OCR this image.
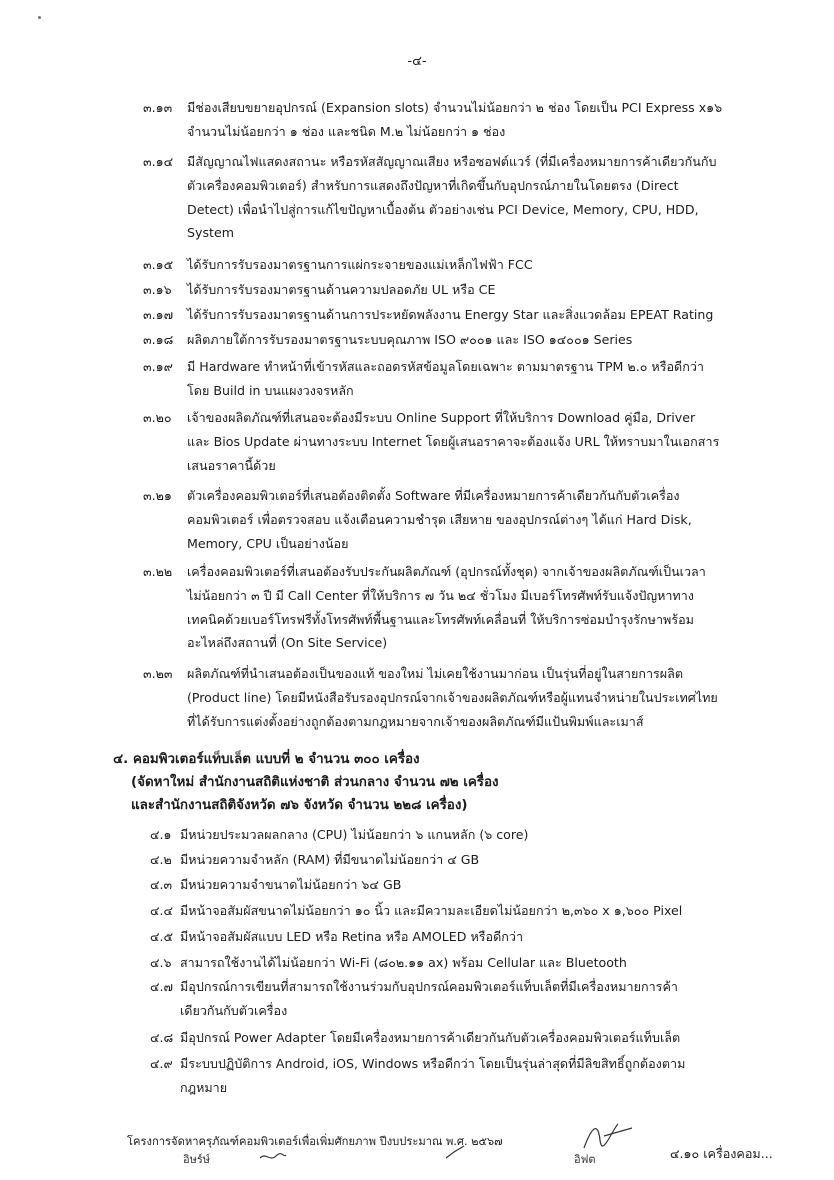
-๔-
๓.๑๓ มีช่องเสียบขยายอุปกรณ์ (Expansion slots) จำนวนไม่น้อยกว่า ๒ ช่อง โดยเป็น PCI Express x๑๖
จำนวนไม่น้อยกว่า ๑ ช่อง และชนิด M.๒ ไม่น้อยกว่า ๑ ช่อง
๓.๑๔ มีสัญญาณไฟแสดงสถานะ หรือรหัสสัญญาณเสียง หรือซอฟต์แวร์ (ที่มีเครื่องหมายการค้าเดียวกันกับ
ตัวเครื่องคอมพิวเตอร์) สำหรับการแสดงถึงปัญหาที่เกิดขึ้นกับอุปกรณ์ภายในโดยตรง (Direct
Detect) เพื่อนำไปสู่การแก้ไขปัญหาเบื้องต้น ตัวอย่างเช่น PCI Device, Memory, CPU, HDD,
System
๓.๑๕ ได้รับการรับรองมาตรฐานการแผ่กระจายของแม่เหล็กไฟฟ้า FCC
๓.๑๖ ได้รับการรับรองมาตรฐานด้านความปลอดภัย UL หรือ CE
๓.๑๗ ได้รับการรับรองมาตรฐานด้านการประหยัดพลังงาน Energy Star และสิ่งแวดล้อม EPEAT Rating
๓.๑๘ ผลิตภายใต้การรับรองมาตรฐานระบบคุณภาพ ISO ๙๐๐๑ และ ISO ๑๔๐๐๑ Series
๓.๑๙ มี Hardware ทำหน้าที่เข้ารหัสและถอดรหัสข้อมูลโดยเฉพาะ ตามมาตรฐาน TPM ๒.๐ หรือดีกว่า
โดย Build in บนแผงวงจรหลัก
๓.๒๐ เจ้าของผลิตภัณฑ์ที่เสนอจะต้องมีระบบ Online Support ที่ให้บริการ Download คู่มือ, Driver
และ Bios Update ผ่านทางระบบ Internet โดยผู้เสนอราคาจะต้องแจ้ง URL ให้ทราบมาในเอกสาร
เสนอราคานี้ด้วย
๓.๒๑ ตัวเครื่องคอมพิวเตอร์ที่เสนอต้องติดตั้ง Software ที่มีเครื่องหมายการค้าเดียวกันกับตัวเครื่อง
คอมพิวเตอร์ เพื่อตรวจสอบ แจ้งเตือนความชำรุด เสียหาย ของอุปกรณ์ต่างๆ ได้แก่ Hard Disk,
Memory, CPU เป็นอย่างน้อย
๓.๒๒ เครื่องคอมพิวเตอร์ที่เสนอต้องรับประกันผลิตภัณฑ์ (อุปกรณ์ทั้งชุด) จากเจ้าของผลิตภัณฑ์เป็นเวลา
ไม่น้อยกว่า ๓ ปี มี Call Center ที่ให้บริการ ๗ วัน ๒๔ ชั่วโมง มีเบอร์โทรศัพท์รับแจ้งปัญหาทาง
เทคนิคด้วยเบอร์โทรฟรีทั้งโทรศัพท์พื้นฐานและโทรศัพท์เคลื่อนที่ ให้บริการซ่อมบำรุงรักษาพร้อม
อะไหล่ถึงสถานที่ (On Site Service)
๓.๒๓ ผลิตภัณฑ์ที่นำเสนอต้องเป็นของแท้ ของใหม่ ไม่เคยใช้งานมาก่อน เป็นรุ่นที่อยู่ในสายการผลิต
(Product line) โดยมีหนังสือรับรองอุปกรณ์จากเจ้าของผลิตภัณฑ์หรือผู้แทนจำหน่ายในประเทศไทย
ที่ได้รับการแต่งตั้งอย่างถูกต้องตามกฎหมายจากเจ้าของผลิตภัณฑ์มีแป้นพิมพ์และเมาส์
๔. คอมพิวเตอร์แท็บเล็ต แบบที่ ๒ จำนวน ๓๐๐ เครื่อง
(จัดหาใหม่ สำนักงานสถิติแห่งชาติ ส่วนกลาง จำนวน ๗๒ เครื่อง
และสำนักงานสถิติจังหวัด ๗๖ จังหวัด จำนวน ๒๒๘ เครื่อง)
๔.๑ มีหน่วยประมวลผลกลาง (CPU) ไม่น้อยกว่า ๖ แกนหลัก (๖ core)
๔.๒ มีหน่วยความจำหลัก (RAM) ที่มีขนาดไม่น้อยกว่า ๔ GB
๔.๓ มีหน่วยความจำขนาดไม่น้อยกว่า ๖๔ GB
๔.๔ มีหน้าจอสัมผัสขนาดไม่น้อยกว่า ๑๐ นิ้ว และมีความละเอียดไม่น้อยกว่า ๒,๓๖๐ x ๑,๖๐๐ Pixel
๔.๕ มีหน้าจอสัมผัสแบบ LED หรือ Retina หรือ AMOLED หรือดีกว่า
๔.๖ สามารถใช้งานได้ไม่น้อยกว่า Wi-Fi (๘๐๒.๑๑ ax) พร้อม Cellular และ Bluetooth
๔.๗ มีอุปกรณ์การเขียนที่สามารถใช้งานร่วมกับอุปกรณ์คอมพิวเตอร์แท็บเล็ตที่มีเครื่องหมายการค้า
เดียวกันกับตัวเครื่อง
๔.๘ มีอุปกรณ์ Power Adapter โดยมีเครื่องหมายการค้าเดียวกันกับตัวเครื่องคอมพิวเตอร์แท็บเล็ต
๔.๙ มีระบบปฏิบัติการ Android, iOS, Windows หรือดีกว่า โดยเป็นรุ่นล่าสุดที่มีลิขสิทธิ์ถูกต้องตาม
กฎหมาย
โครงการจัดหาครุภัณฑ์คอมพิวเตอร์เพื่อเพิ่มศักยภาพ ปีงบประมาณ พ.ศ. ๒๕๖๗
อิษร์ษ์	อิฟต	๔.๑๐ เครื่องคอม...
